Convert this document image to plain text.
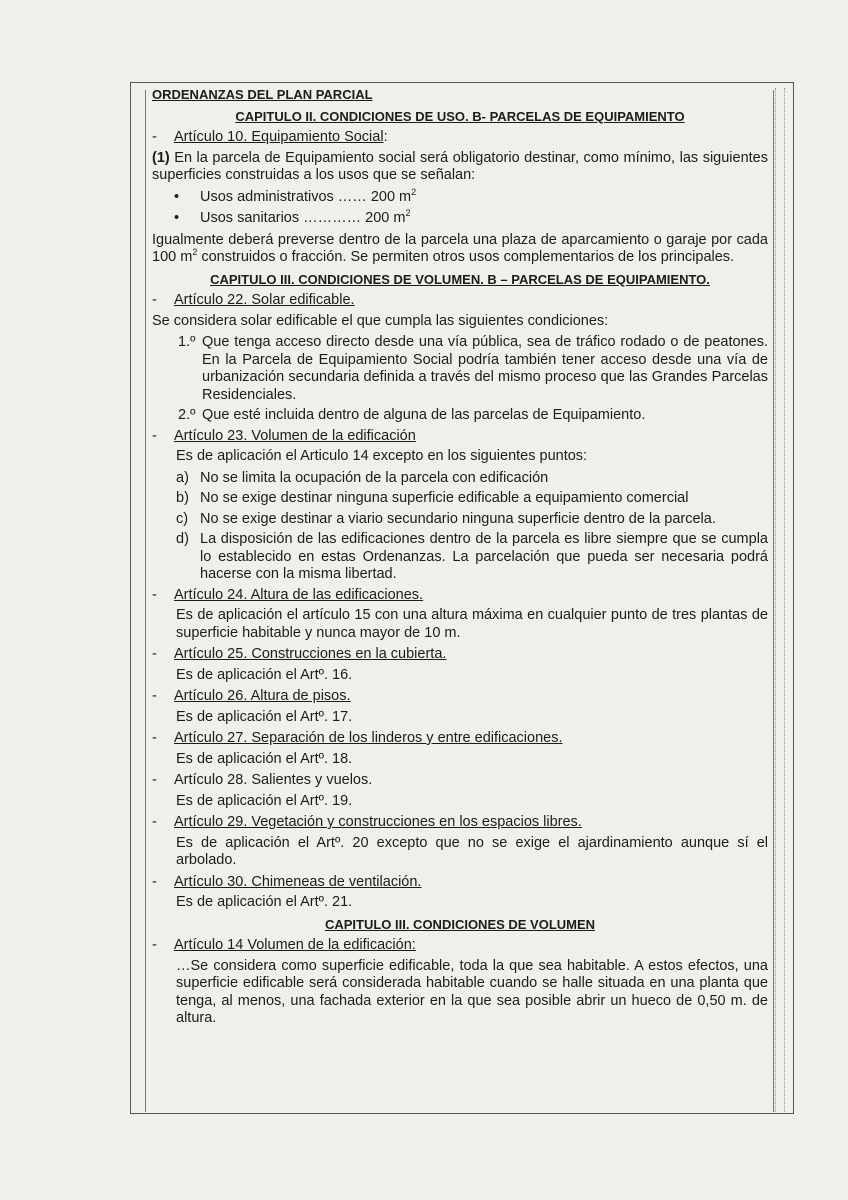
ORDENANZAS DEL PLAN PARCIAL
CAPITULO II. CONDICIONES DE USO. B- PARCELAS DE EQUIPAMIENTO
-	Artículo 10. Equipamiento Social:
(1) En la parcela de Equipamiento social será obligatorio destinar, como mínimo, las siguientes superficies construidas a los usos que se señalan:
•	Usos administrativos …… 200 $m^2$
•	Usos sanitarios ………… 200 $m^2$
Igualmente deberá preverse dentro de la parcela una plaza de aparcamiento o garaje por cada 100 $m^2$ construidos o fracción. Se permiten otros usos complementarios de los principales.
CAPITULO III. CONDICIONES DE VOLUMEN. B – PARCELAS DE EQUIPAMIENTO.
-	Artículo 22. Solar edificable.
Se considera solar edificable el que cumpla las siguientes condiciones:
1.º Que tenga acceso directo desde una vía pública, sea de tráfico rodado o de peatones. En la Parcela de Equipamiento Social podría también tener acceso desde una vía de urbanización secundaria definida a través del mismo proceso que las Grandes Parcelas Residenciales.
2.º Que esté incluida dentro de alguna de las parcelas de Equipamiento.
-	Artículo 23. Volumen de la edificación
Es de aplicación el Articulo 14 excepto en los siguientes puntos:
a) No se limita la ocupación de la parcela con edificación
b) No se exige destinar ninguna superficie edificable a equipamiento comercial
c) No se exige destinar a viario secundario ninguna superficie dentro de la parcela.
d) La disposición de las edificaciones dentro de la parcela es libre siempre que se cumpla lo establecido en estas Ordenanzas. La parcelación que pueda ser necesaria podrá hacerse con la misma libertad.
-	Artículo 24. Altura de las edificaciones.
Es de aplicación el artículo 15 con una altura máxima en cualquier punto de tres plantas de superficie habitable y nunca mayor de 10 m.
-	Artículo 25. Construcciones en la cubierta.
Es de aplicación el Artº. 16.
-	Artículo 26. Altura de pisos.
Es de aplicación el Artº. 17.
-	Artículo 27. Separación de los linderos y entre edificaciones.
Es de aplicación el Artº. 18.
-	Artículo 28. Salientes y vuelos.
Es de aplicación el Artº. 19.
-	Artículo 29. Vegetación y construcciones en los espacios libres.
Es de aplicación el Artº. 20 excepto que no se exige el ajardinamiento aunque sí el arbolado.
-	Artículo 30. Chimeneas de ventilación.
Es de aplicación el Artº. 21.
CAPITULO III. CONDICIONES DE VOLUMEN
-	Artículo 14 Volumen de la edificación:
…Se considera como superficie edificable, toda la que sea habitable. A estos efectos, una superficie edificable será considerada habitable cuando se halle situada en una planta que tenga, al menos, una fachada exterior en la que sea posible abrir un hueco de 0,50 m. de altura.
